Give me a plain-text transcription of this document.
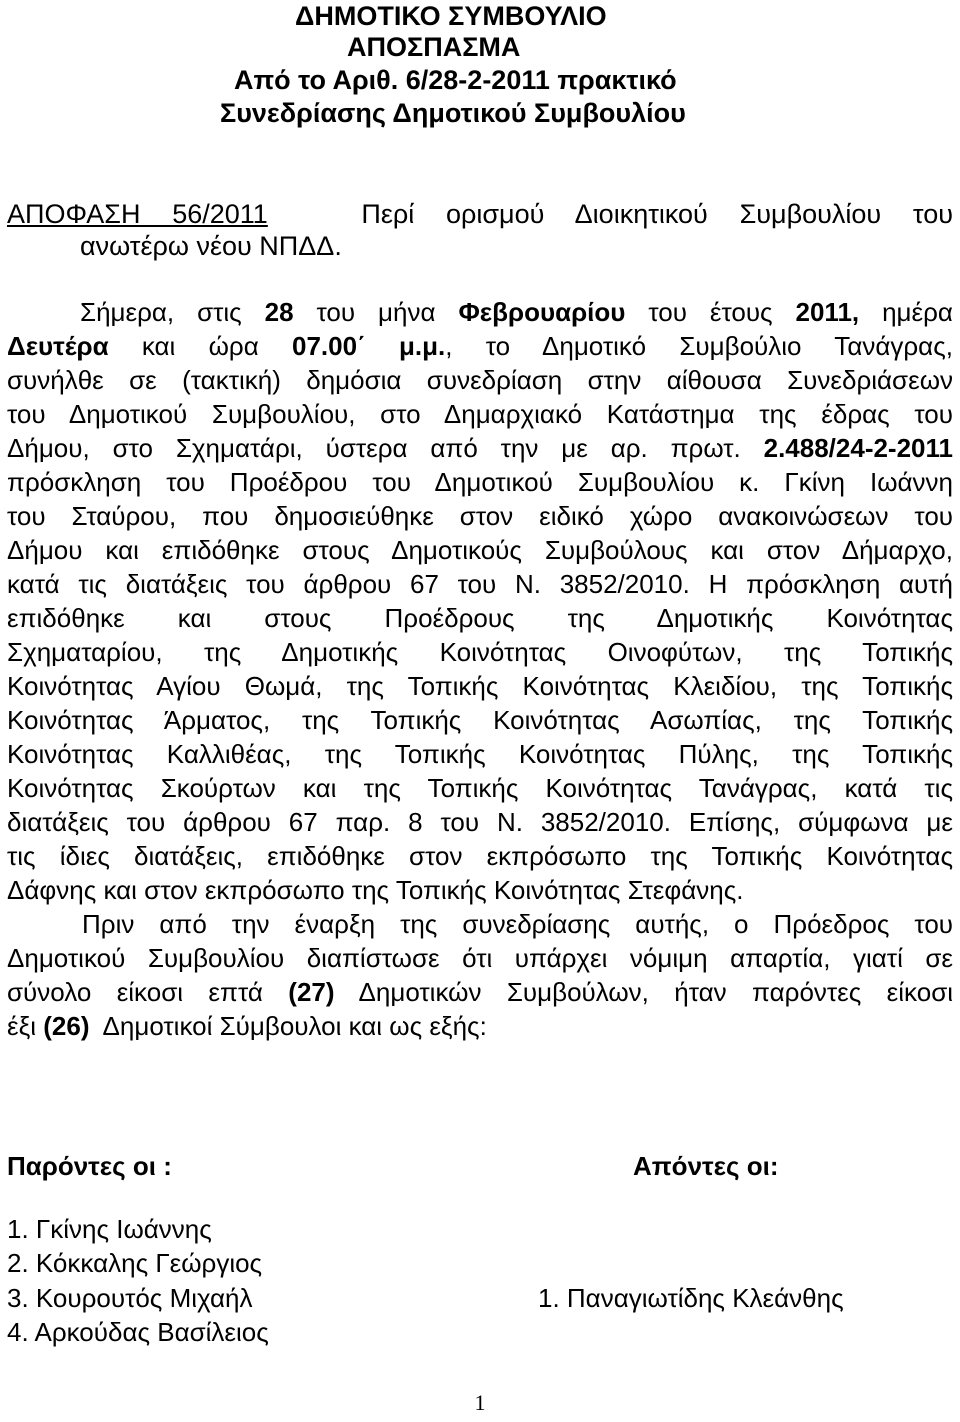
ΔΗΜΟΤΙΚΟ ΣΥΜΒΟΥΛΙΟ
ΑΠΟΣΠΑΣΜΑ
Από το Αριθ. 6/28-2-2011 πρακτικό
Συνεδρίασης Δημοτικού Συμβουλίου
ΑΠΟΦΑΣΗ 56/2011	Περί ορισμού Διοικητικού Συμβουλίου του
ανωτέρω νέου ΝΠΔΔ.
Σήμερα, στις 28 του μήνα Φεβρουαρίου του έτους 2011, ημέρα
Δευτέρα και ώρα 07.00΄ μ.μ., το Δημοτικό Συμβούλιο Τανάγρας,
συνήλθε σε (τακτική) δημόσια συνεδρίαση στην αίθουσα Συνεδριάσεων
του Δημοτικού Συμβουλίου, στο Δημαρχιακό Κατάστημα της έδρας του
Δήμου, στο Σχηματάρι, ύστερα από την με αρ. πρωτ. 2.488/24-2-2011
πρόσκληση του Προέδρου του Δημοτικού Συμβουλίου κ. Γκίνη Ιωάννη
του Σταύρου, που δημοσιεύθηκε στον ειδικό χώρο ανακοινώσεων του
Δήμου και επιδόθηκε στους Δημοτικούς Συμβούλους και στον Δήμαρχο,
κατά τις διατάξεις του άρθρου 67 του Ν. 3852/2010. Η πρόσκληση αυτή
επιδόθηκε και στους Προέδρους της Δημοτικής Κοινότητας
Σχηματαρίου, της Δημοτικής Κοινότητας Οινοφύτων, της Τοπικής
Κοινότητας Αγίου Θωμά, της Τοπικής Κοινότητας Κλειδίου, της Τοπικής
Κοινότητας Άρματος, της Τοπικής Κοινότητας Ασωπίας, της Τοπικής
Κοινότητας Καλλιθέας, της Τοπικής Κοινότητας Πύλης, της Τοπικής
Κοινότητας Σκούρτων και της Τοπικής Κοινότητας Τανάγρας, κατά τις
διατάξεις του άρθρου 67 παρ. 8 του Ν. 3852/2010. Επίσης, σύμφωνα με
τις ίδιες διατάξεις, επιδόθηκε στον εκπρόσωπο της Τοπικής Κοινότητας
Δάφνης και στον εκπρόσωπο της Τοπικής Κοινότητας Στεφάνης.
Πριν από την έναρξη της συνεδρίασης αυτής, ο Πρόεδρος του
Δημοτικού Συμβουλίου διαπίστωσε ότι υπάρχει νόμιμη απαρτία, γιατί σε
σύνολο είκοσι επτά (27) Δημοτικών Συμβούλων, ήταν παρόντες είκοσι
έξι (26) Δημοτικοί Σύμβουλοι και ως εξής:
Παρόντες οι :	Απόντες οι:
1. Γκίνης Ιωάννης
2. Κόκκαλης Γεώργιος
3. Κουρουτός Μιχαήλ
4. Αρκούδας Βασίλειος
1. Παναγιωτίδης Κλεάνθης
1
